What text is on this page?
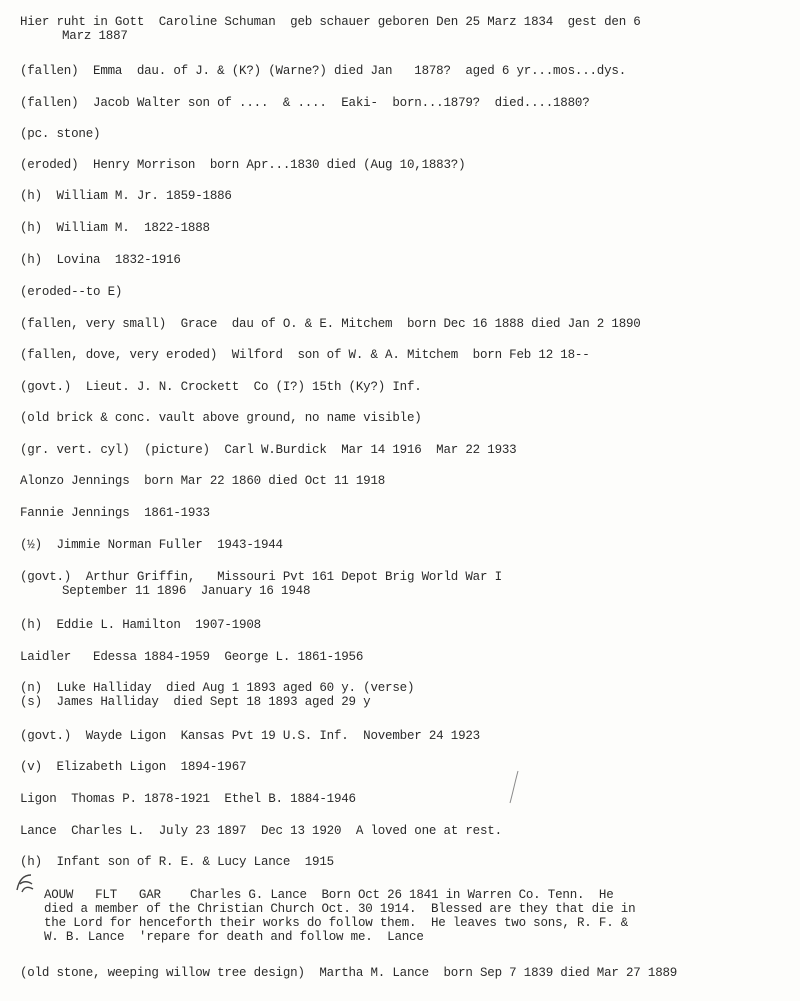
Hier ruht in Gott  Caroline Schuman  geb schauer geboren Den 25 Marz 1834  gest den 6
Marz 1887
(fallen)  Emma  dau. of J. & (K?) (Warne?) died Jan   1878?  aged 6 yr...mos...dys.
(fallen)  Jacob Walter son of ....  & ....  Eaki-  born...1879?  died....1880?
(pc. stone)
(eroded)  Henry Morrison  born Apr...1830 died (Aug 10,1883?)
(h)  William M. Jr. 1859-1886
(h)  William M.  1822-1888
(h)  Lovina  1832-1916
(eroded--to E)
(fallen, very small)  Grace  dau of O. & E. Mitchem  born Dec 16 1888 died Jan 2 1890
(fallen, dove, very eroded)  Wilford  son of W. & A. Mitchem  born Feb 12 18--
(govt.)  Lieut. J. N. Crockett  Co (I?) 15th (Ky?) Inf.
(old brick & conc. vault above ground, no name visible)
(gr. vert. cyl)  (picture)  Carl W.Burdick  Mar 14 1916  Mar 22 1933
Alonzo Jennings  born Mar 22 1860 died Oct 11 1918
Fannie Jennings  1861-1933
(½)  Jimmie Norman Fuller  1943-1944
(govt.)  Arthur Griffin,   Missouri Pvt 161 Depot Brig World War I
September 11 1896  January 16 1948
(h)  Eddie L. Hamilton  1907-1908
Laidler   Edessa 1884-1959  George L. 1861-1956
(n)  Luke Halliday  died Aug 1 1893 aged 60 y. (verse)
(s)  James Halliday  died Sept 18 1893 aged 29 y
(govt.)  Wayde Ligon  Kansas Pvt 19 U.S. Inf.  November 24 1923
(v)  Elizabeth Ligon  1894-1967
Ligon  Thomas P. 1878-1921  Ethel B. 1884-1946
Lance  Charles L.  July 23 1897  Dec 13 1920  A loved one at rest.
(h)  Infant son of R. E. & Lucy Lance  1915
AOUW   FLT   GAR    Charles G. Lance  Born Oct 26 1841 in Warren Co. Tenn.  He
died a member of the Christian Church Oct. 30 1914.  Blessed are they that die in
the Lord for henceforth their works do follow them.  He leaves two sons, R. F. &
W. B. Lance  'repare for death and follow me.  Lance
(old stone, weeping willow tree design)  Martha M. Lance  born Sep 7 1839 died Mar 27 1889
